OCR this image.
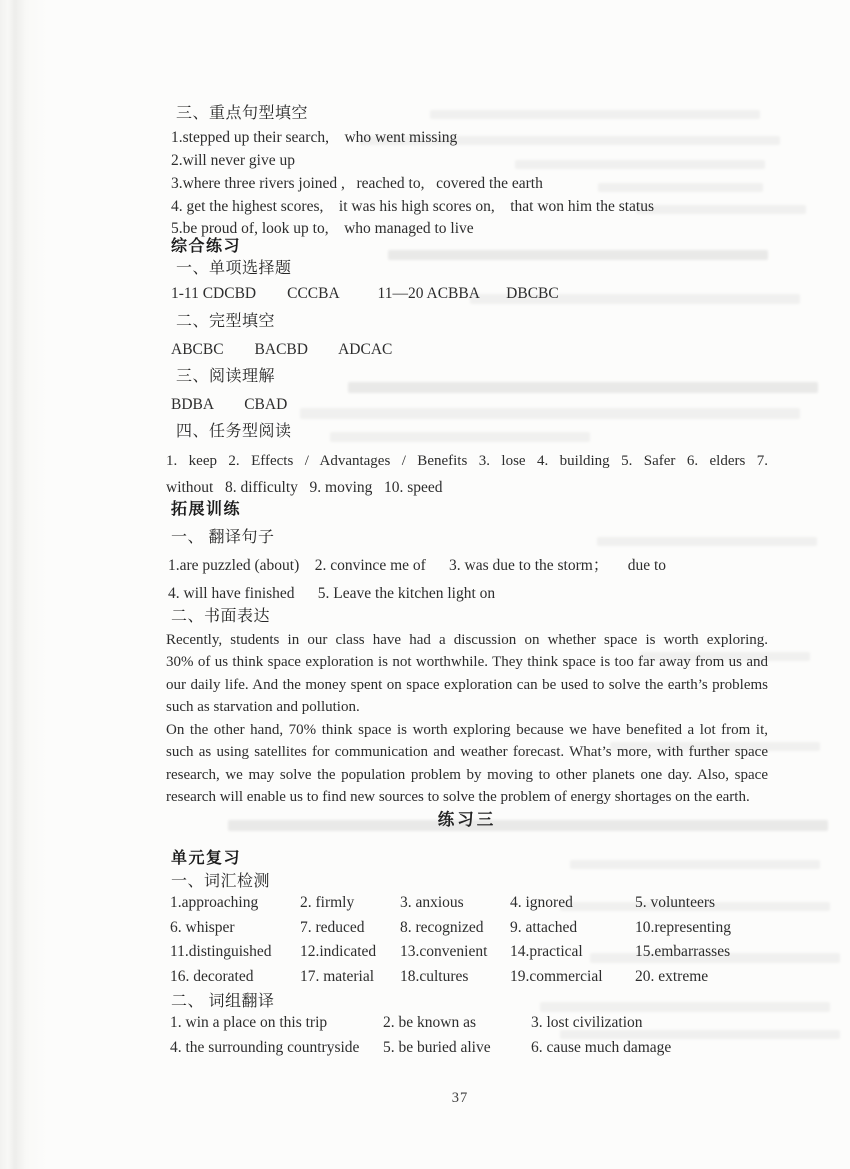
三、重点句型填空
1.stepped up their search,    who went missing
2.will never give up
3.where three rivers joined ,   reached to,   covered the earth
4. get the highest scores,    it was his high scores on,    that won him the status
5.be proud of, look up to,    who managed to live
综合练习
一、单项选择题
1-11 CDCBD        CCCBA          11—20 ACBBA       DBCBC
二、完型填空
ABCBC        BACBD        ADCAC
三、阅读理解
BDBA        CBAD
四、任务型阅读
1. keep 2. Effects / Advantages / Benefits 3. lose 4. building 5. Safer 6. elders 7.
without   8. difficulty   9. moving   10. speed
拓展训练
一、 翻译句子
1.are puzzled (about)    2. convince me of      3. was due to the storm；     due to
4. will have finished      5. Leave the kitchen light on
二、书面表达
Recently, students in our class have had a discussion on whether space is worth exploring.
30% of us think space exploration is not worthwhile. They think space is too far away from us and
our daily life. And the money spent on space exploration can be used to solve the earth’s problems
such as starvation and pollution.
On the other hand, 70% think space is worth exploring because we have benefited a lot from it,
such as using satellites for communication and weather forecast. What’s more, with further space
research, we may solve the population problem by moving to other planets one day. Also, space
research will enable us to find new sources to solve the problem of energy shortages on the earth.
练习三
单元复习
一、词汇检测
1.approaching	2. firmly	3. anxious	4. ignored	5. volunteers
6. whisper	7. reduced	8. recognized	9. attached	10.representing
11.distinguished	12.indicated	13.convenient	14.practical	15.embarrasses
16. decorated	17. material	18.cultures	19.commercial	20. extreme
二、 词组翻译
1. win a place on this trip	2. be known as	3. lost civilization
4. the surrounding countryside	5. be buried alive	6. cause much damage
37
